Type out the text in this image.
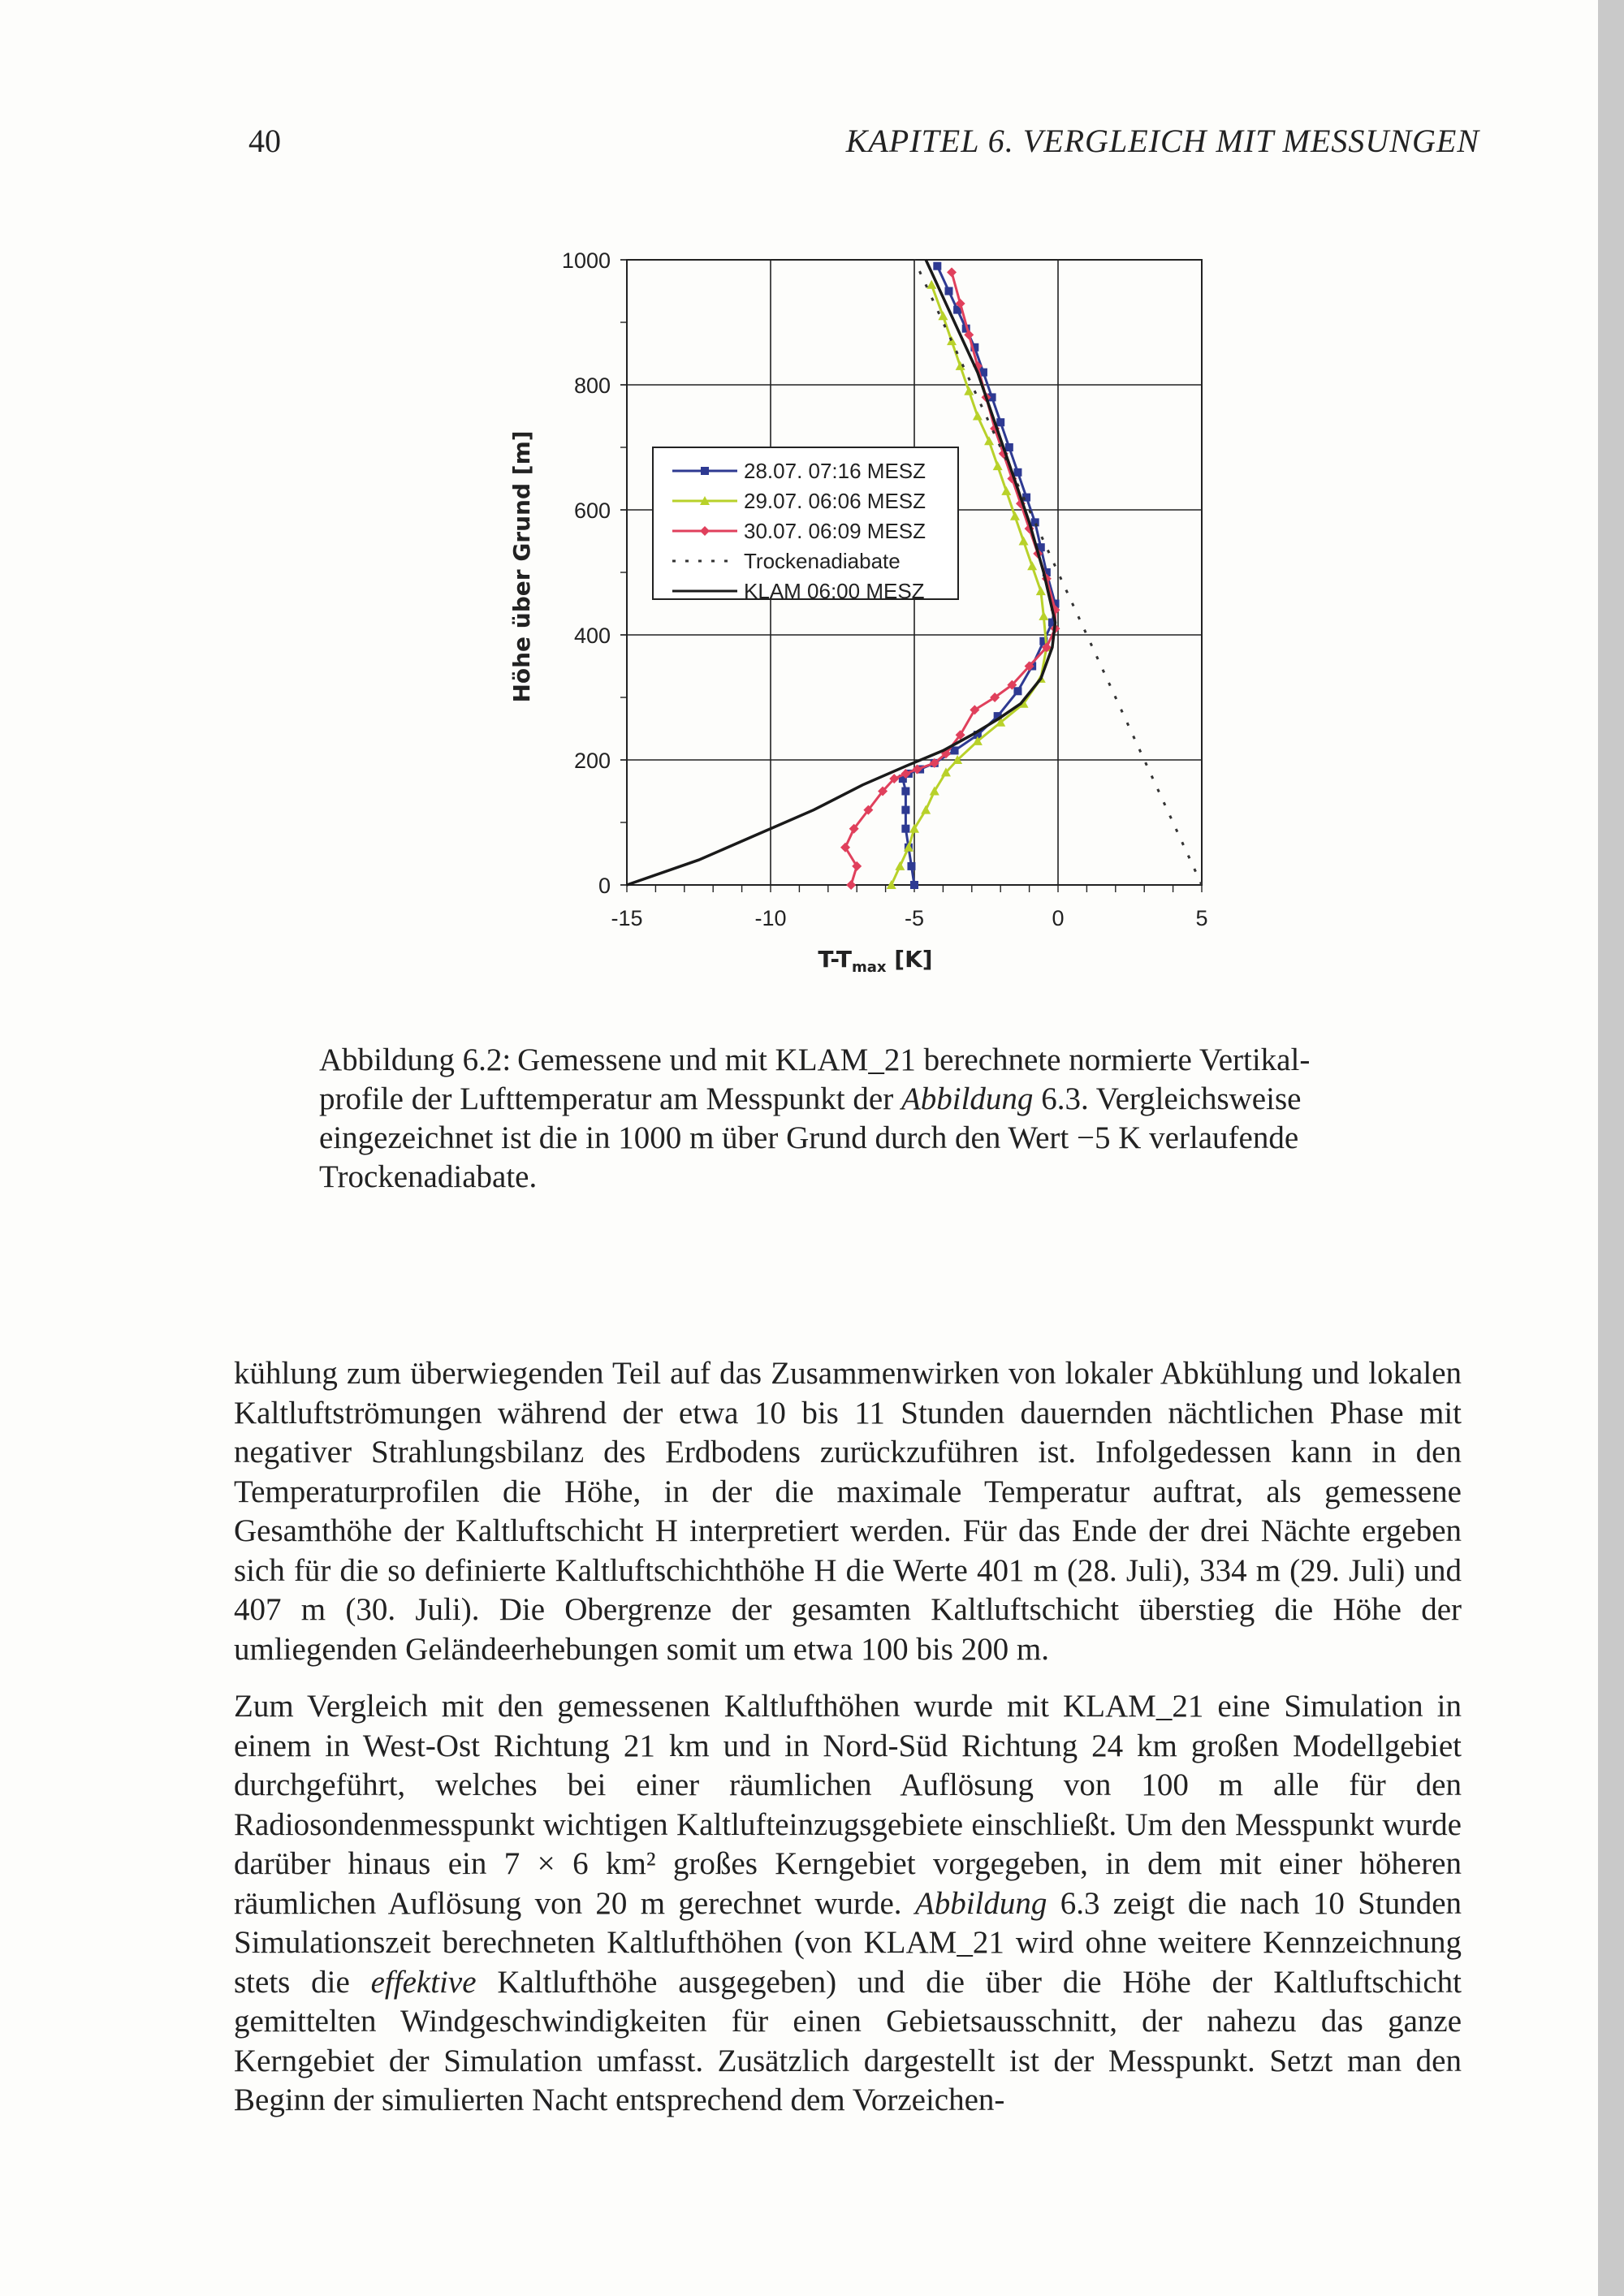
40	KAPITEL 6. VERGLEICH MIT MESSUNGEN
-15	-10	-5	0	5
0
200
400
600
800
1000
$T-T_{max}$ [K]
Höhe über Grund [m]	28.07. 07:16 MESZ
29.07. 06:06 MESZ
30.07. 06:09 MESZ
Trockenadiabate
KLAM 06:00 MESZ
Abbildung 6.2: Gemessene und mit KLAM_21 berechnete normierte Vertikal-profile der Lufttemperatur am Messpunkt der Abbildung 6.3. Vergleichsweise eingezeichnet ist die in 1000 m über Grund durch den Wert −5 K verlaufende Trockenadiabate.

kühlung zum überwiegenden Teil auf das Zusammenwirken von lokaler Abkühlung und lokalen Kaltluftströmungen während der etwa 10 bis 11 Stunden dauernden nächtlichen Phase mit negativer Strahlungsbilanz des Erdbodens zurückzuführen ist. Infolgedessen kann in den Temperaturprofilen die Höhe, in der die maximale Temperatur auftrat, als gemessene Gesamthöhe der Kaltluftschicht H interpretiert werden. Für das Ende der drei Nächte ergeben sich für die so definierte Kaltluftschichthöhe H die Werte 401 m (28. Juli), 334 m (29. Juli) und 407 m (30. Juli). Die Obergrenze der gesamten Kaltluftschicht überstieg die Höhe der umliegenden Geländeerhebungen somit um etwa 100 bis 200 m.

Zum Vergleich mit den gemessenen Kaltlufthöhen wurde mit KLAM_21 eine Simulation in einem in West-Ost Richtung 21 km und in Nord-Süd Richtung 24 km großen Modellgebiet durchgeführt, welches bei einer räumlichen Auflösung von 100 m alle für den Radiosondenmesspunkt wichtigen Kaltlufteinzugsgebiete einschließt. Um den Messpunkt wurde darüber hinaus ein 7 × 6 km² großes Kerngebiet vorgegeben, in dem mit einer höheren räumlichen Auflösung von 20 m gerechnet wurde. Abbildung 6.3 zeigt die nach 10 Stunden Simulationszeit berechneten Kaltlufthöhen (von KLAM_21 wird ohne weitere Kennzeichnung stets die effektive Kaltlufthöhe ausgegeben) und die über die Höhe der Kaltluftschicht gemittelten Windgeschwindigkeiten für einen Gebietsausschnitt, der nahezu das ganze Kerngebiet der Simulation umfasst. Zusätzlich dargestellt ist der Messpunkt. Setzt man den Beginn der simulierten Nacht entsprechend dem Vorzeichen-
